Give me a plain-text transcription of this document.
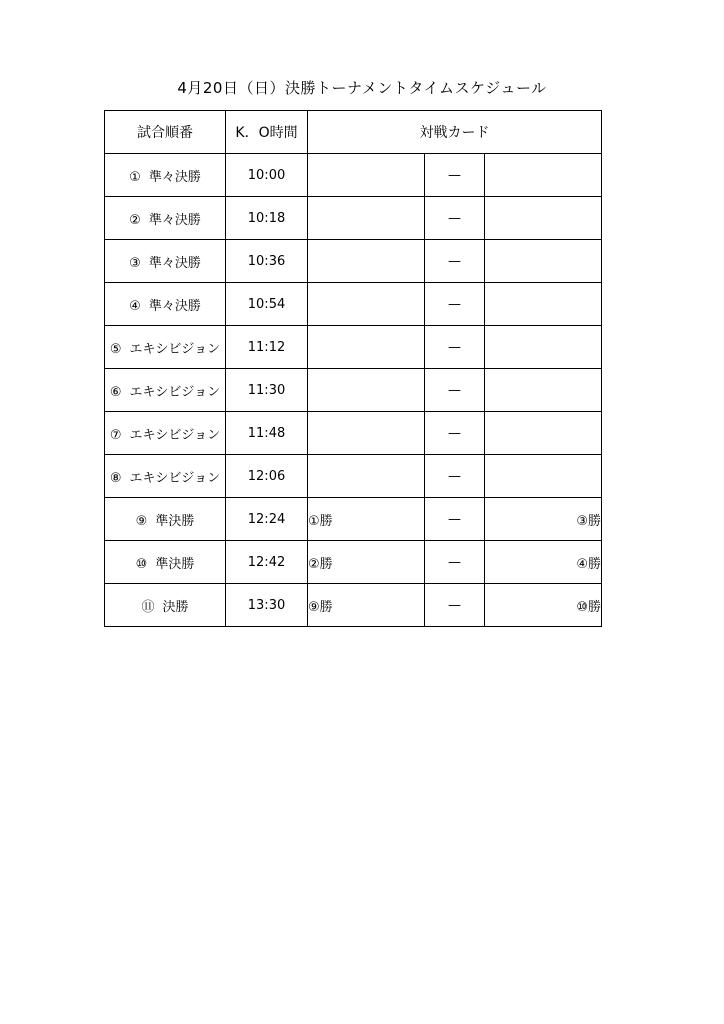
4月20日（日）決勝トーナメントタイムスケジュール
試合順番	K．O時間	対戦カード		
① 準々決勝	10:00		—	
② 準々決勝	10:18		—	
③ 準々決勝	10:36		—	
④ 準々決勝	10:54		—	
⑤ エキシビジョン	11:12		—	
⑥ エキシビジョン	11:30		—	
⑦ エキシビジョン	11:48		—	
⑧ エキシビジョン	12:06		—	
⑨ 準決勝	12:24	①勝	—	③勝
⑩ 準決勝	12:42	②勝	—	④勝
⑪ 決勝	13:30	⑨勝	—	⑩勝
